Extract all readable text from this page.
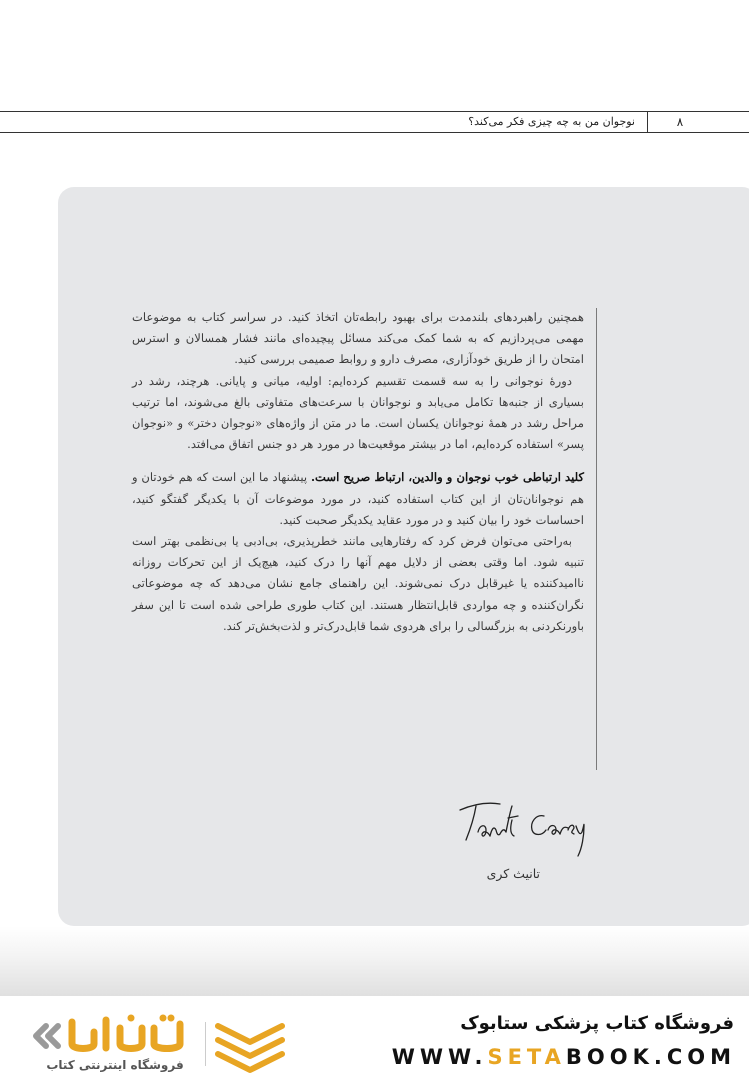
۸
نوجوان من به چه چیزی فکر می‌کند؟

همچنین راهبردهای بلندمدت برای بهبود رابطه‌تان اتخاذ کنید. در سراسر کتاب به موضوعات مهمی می‌پردازیم که به شما کمک می‌کند مسائل پیچیده‌ای مانند فشار همسالان و استرس امتحان را از طریق خودآزاری، مصرف دارو و روابط صمیمی بررسی کنید.

دورهٔ نوجوانی را به سه قسمت تقسیم کرده‌ایم: اولیه، میانی و پایانی. هرچند، رشد در بسیاری از جنبه‌ها تکامل می‌یابد و نوجوانان با سرعت‌های متفاوتی بالغ می‌شوند، اما ترتیب مراحل رشد در همهٔ نوجوانان یکسان است. ما در متن از واژه‌های «نوجوان دختر» و «نوجوان پسر» استفاده کرده‌ایم، اما در بیشتر موقعیت‌ها در مورد هر دو جنس اتفاق می‌افتد.

کلید ارتباطی خوب نوجوان و والدین، ارتباط صریح است. پیشنهاد ما این است که هم خودتان و هم نوجوانان‌تان از این کتاب استفاده کنید، در مورد موضوعات آن با یکدیگر گفتگو کنید، احساسات خود را بیان کنید و در مورد عقاید یکدیگر صحبت کنید.

به‌راحتی می‌توان فرض کرد که رفتارهایی مانند خطرپذیری، بی‌ادبی یا بی‌نظمی بهتر است تنبیه شود. اما وقتی بعضی از دلایل مهم آنها را درک کنید، هیچ‌یک از این تحرکات روزانه ناامیدکننده یا غیرقابل درک نمی‌شوند. این راهنمای جامع نشان می‌دهد که چه موضوعاتی نگران‌کننده و چه مواردی قابل‌انتظار هستند. این کتاب طوری طراحی شده است تا این سفر باورنکردنی به بزرگسالی را برای هردوی شما قابل‌درک‌تر و لذت‌بخش‌تر کند.

تانیث کری
فروشگاه اینترنتی کتاب
فروشگاه کتاب پزشکی ستابوک
WWW.SETABOOK.COM
